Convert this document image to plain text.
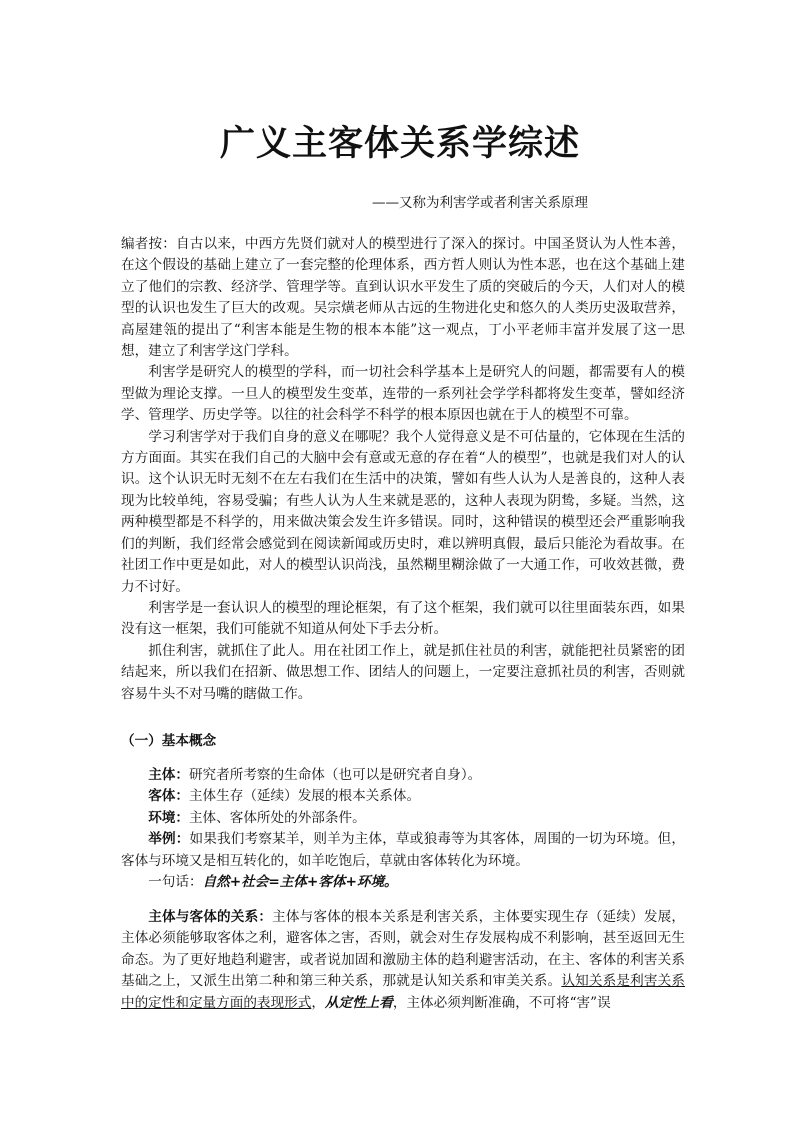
广义主客体关系学综述
——又称为利害学或者利害关系原理

编者按：自古以来，中西方先贤们就对人的模型进行了深入的探讨。中国圣贤认为人性本善，在这个假设的基础上建立了一套完整的伦理体系，西方哲人则认为性本恶，也在这个基础上建立了他们的宗教、经济学、管理学等。直到认识水平发生了质的突破后的今天，人们对人的模型的认识也发生了巨大的改观。吴宗熿老师从古远的生物进化史和悠久的人类历史汲取营养，高屋建瓴的提出了“利害本能是生物的根本本能”这一观点，丁小平老师丰富并发展了这一思想，建立了利害学这门学科。

利害学是研究人的模型的学科，而一切社会科学基本上是研究人的问题，都需要有人的模型做为理论支撑。一旦人的模型发生变革，连带的一系列社会学学科都将发生变革，譬如经济学、管理学、历史学等。以往的社会科学不科学的根本原因也就在于人的模型不可靠。

学习利害学对于我们自身的意义在哪呢？我个人觉得意义是不可估量的，它体现在生活的方方面面。其实在我们自己的大脑中会有意或无意的存在着“人的模型”，也就是我们对人的认识。这个认识无时无刻不在左右我们在生活中的决策，譬如有些人认为人是善良的，这种人表现为比较单纯，容易受骗；有些人认为人生来就是恶的，这种人表现为阴鸷，多疑。当然，这两种模型都是不科学的，用来做决策会发生许多错误。同时，这种错误的模型还会严重影响我们的判断，我们经常会感觉到在阅读新闻或历史时，难以辨明真假，最后只能沦为看故事。在社团工作中更是如此，对人的模型认识尚浅，虽然糊里糊涂做了一大通工作，可收效甚微，费力不讨好。

利害学是一套认识人的模型的理论框架，有了这个框架，我们就可以往里面装东西，如果没有这一框架，我们可能就不知道从何处下手去分析。

抓住利害，就抓住了此人。用在社团工作上，就是抓住社员的利害，就能把社员紧密的团结起来，所以我们在招新、做思想工作、团结人的问题上，一定要注意抓社员的利害，否则就容易牛头不对马嘴的瞎做工作。

（一）基本概念

主体：研究者所考察的生命体（也可以是研究者自身）。

客体：主体生存（延续）发展的根本关系体。

环境：主体、客体所处的外部条件。

举例：如果我们考察某羊，则羊为主体，草或狼毒等为其客体，周围的一切为环境。但，客体与环境又是相互转化的，如羊吃饱后，草就由客体转化为环境。

一句话：自然+社会=主体+客体+环境。

主体与客体的关系：主体与客体的根本关系是利害关系，主体要实现生存（延续）发展，主体必须能够取客体之利，避客体之害，否则，就会对生存发展构成不利影响，甚至返回无生命态。为了更好地趋利避害，或者说加固和激励主体的趋利避害活动，在主、客体的利害关系基础之上，又派生出第二种和第三种关系，那就是认知关系和审美关系。认知关系是利害关系中的定性和定量方面的表现形式，从定性上看，主体必须判断准确，不可将“害”误
